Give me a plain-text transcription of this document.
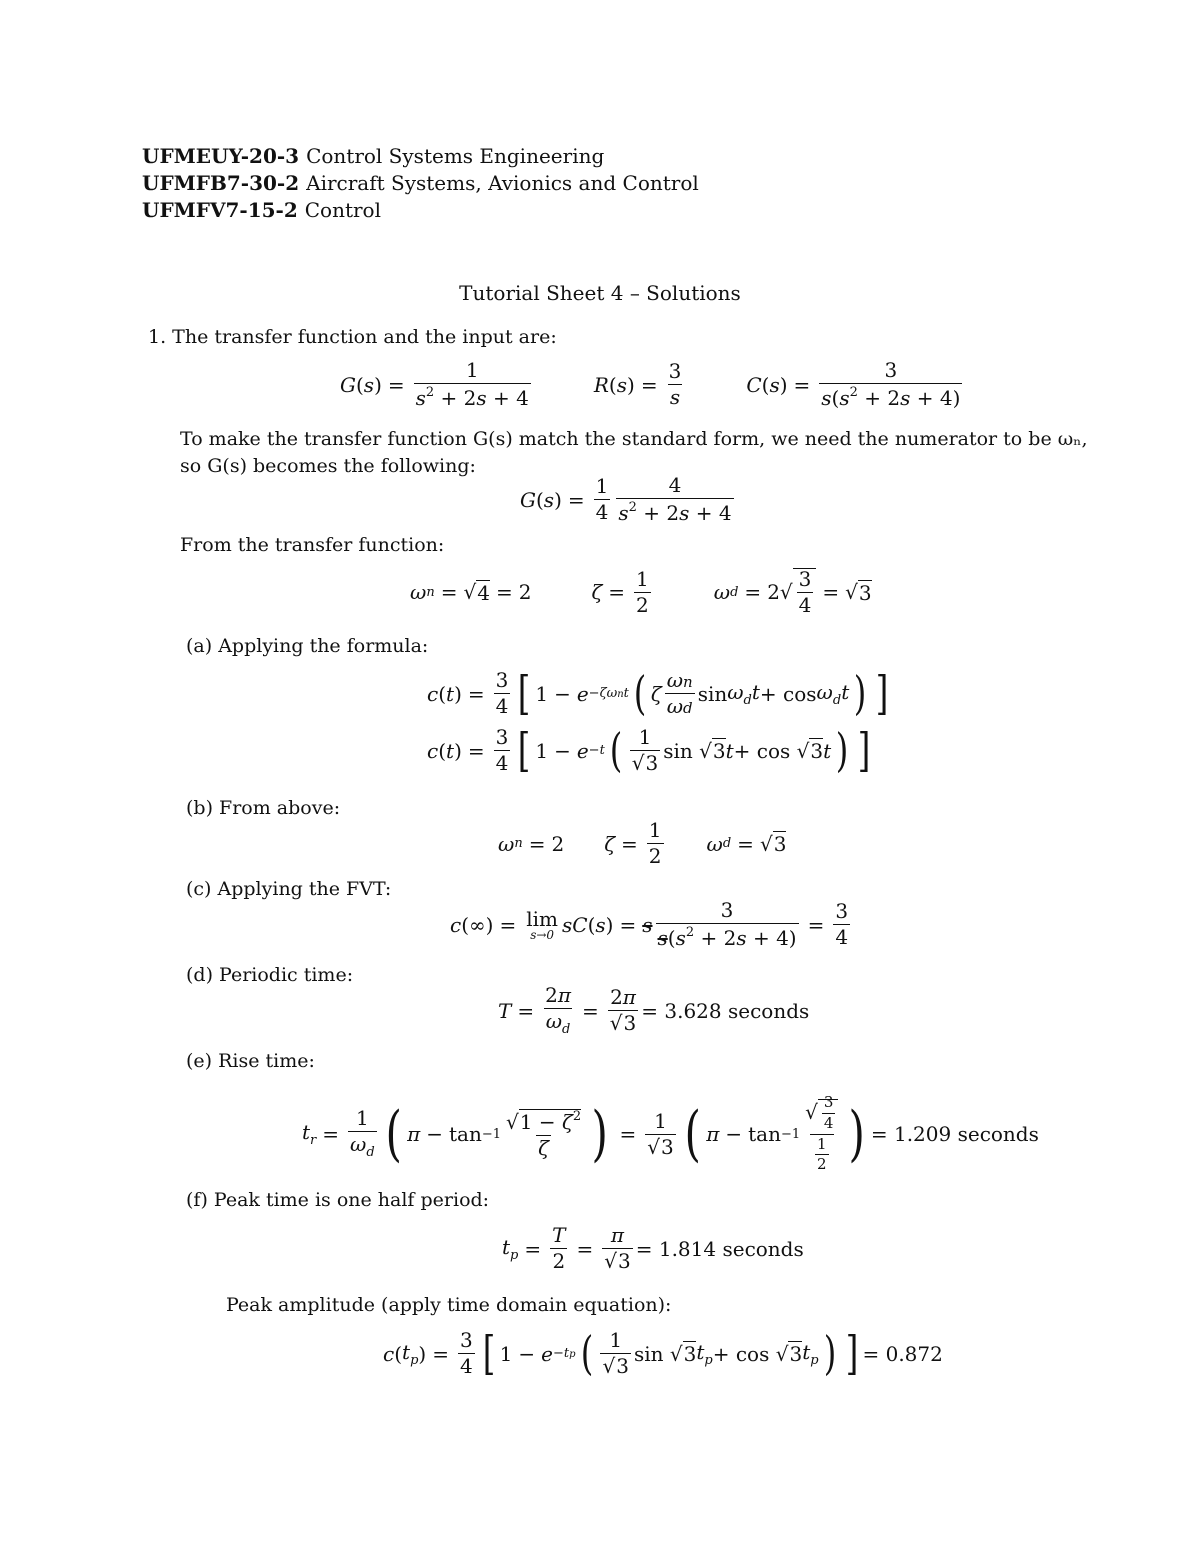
UFMEUY-20-3 Control Systems Engineering
UFMFB7-30-2 Aircraft Systems, Avionics and Control
UFMFV7-15-2 Control
Tutorial Sheet 4 – Solutions
1. The transfer function and the input are:
G ( s ) = $\frac{1}{s^2 + 2s + 4}$	R ( s ) = $\frac{3}{s}$	C ( s ) = $\frac{3}{s(s^2 + 2s + 4)}$
To make the transfer function G(s) match the standard form, we need the numerator to be ωₙ,
so G(s) becomes the following:
G ( s ) = $\frac{1}{4}$	4
$s^2 + 2s + 4$
From the transfer function:
ω n = √ 4 = 2	$\zeta = \frac{1}{2}$	ω $d = 2√ \frac{3}{4}$ = √ 3
(a) Applying the formula:
c ( t ) = $\frac{3}{4}$ [ 1 − e −ζωnt ( ζ
ωn
ωd
$\sin \omega_dt + \cos \omega_dt$ ) ]
c ( t ) = $\frac{3}{4}$ [ 1 − e −t ( 1
√3
sin √ 3 t + cos √ 3 t ) ]
(b) From above:
ω n = 2 $\zeta = \frac{1}{2}$ ω d = √ 3
(c) Applying the FVT:
c (∞) = lim
s→0 sC ( s ) = s $\frac{3}{s(s^2 + 2s + 4)} = \frac{3}{4}$
(d) Periodic time:
$T = \frac{2\pi}{\omega_d} = \frac{2\pi}{√3} = 3.628$ seconds
(e) Rise time:
$t_r = \frac{1}{\omega_d}$ ( π − tan −1
$√1 - \zeta^2$
ζ ) = $\frac{1}{√3}$ ( π − tan −1
√ $\frac{3}{4}$
$\frac{1}{2}$ ) = 1.209 seconds
(f) Peak time is one half period:
$t_p = \frac{T}{2} = \frac{\pi}{√3} = 1.814$ seconds
Peak amplitude (apply time domain equation):
c ( $t_p$ ) = $\frac{3}{4}$ [ 1 − e −tp ( 1
√3
sin √ 3 $t_p + \cos$ √ 3 $t_p$ ) ] = 0.872
